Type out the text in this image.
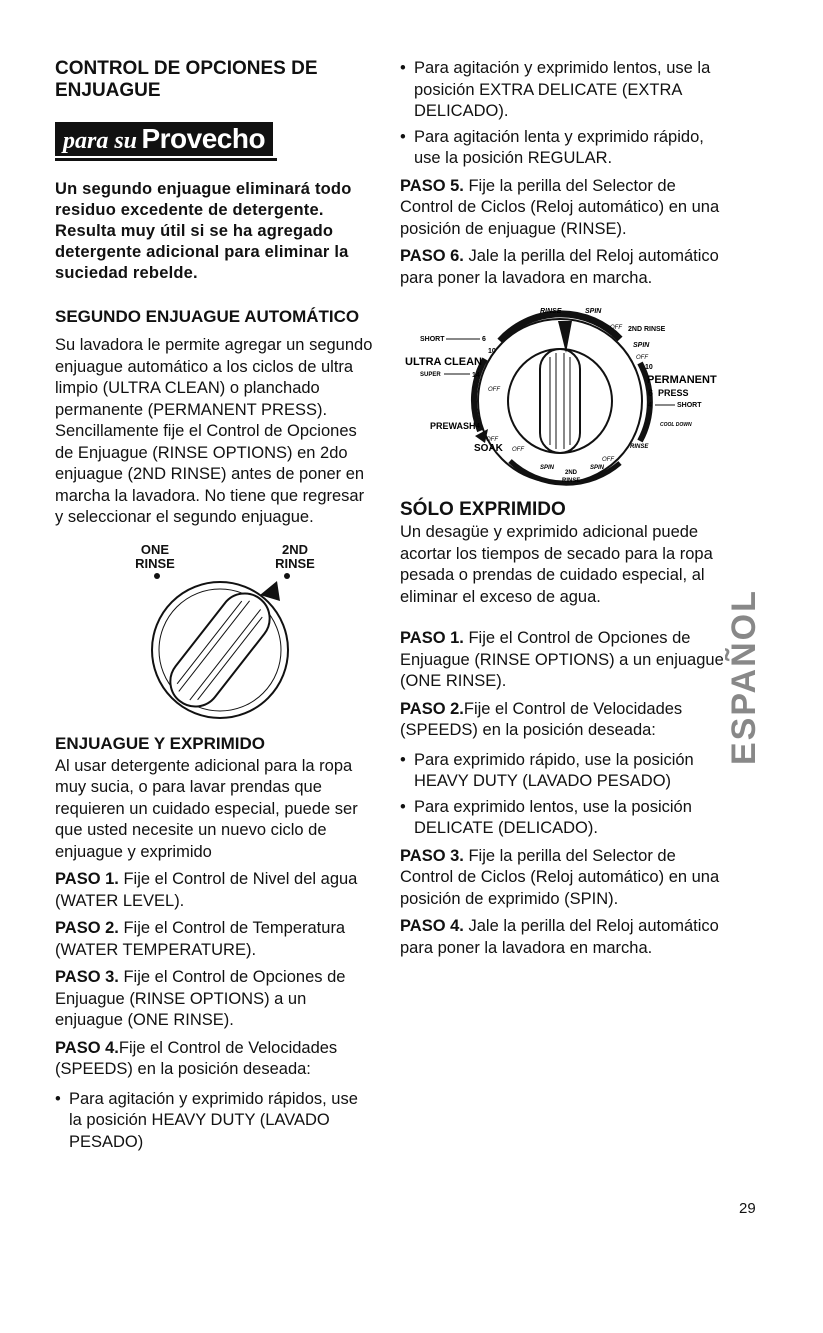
CONTROL DE OPCIONES DE ENJUAGUE
para su Provecho

Un segundo enjuague eliminará todo residuo excedente de detergente. Resulta muy útil si se ha agregado detergente adicional para eliminar la suciedad rebelde.

SEGUNDO ENJUAGUE AUTOMÁTICO

Su lavadora le permite agregar un segundo enjuague automático a los ciclos de ultra limpio (ULTRA CLEAN) o planchado permanente (PERMANENT PRESS). Sencillamente fije el Control de Opciones de Enjuague (RINSE OPTIONS) en 2do enjuague (2ND RINSE) antes de poner en marcha la lavadora. No tiene que regresar y seleccionar el segundo enjuague.

ONE
RINSE
2ND
RINSE
ENJUAGUE Y EXPRIMIDO

Al usar detergente adicional para la ropa muy sucia, o para lavar prendas que requieren un cuidado especial, puede ser que usted necesite un nuevo ciclo de enjuague y exprimido

PASO 1. Fije el Control de Nivel del agua (WATER LEVEL).

PASO 2. Fije el Control de Temperatura (WATER TEMPERATURE).

PASO 3. Fije el Control de Opciones de Enjuague (RINSE OPTIONS) a un enjuague (ONE RINSE).

PASO 4.Fije el Control de Velocidades (SPEEDS) en la posición deseada:

• Para agitación y exprimido rápidos, use la posición HEAVY DUTY (LAVADO PESADO)

• Para agitación y exprimido lentos, use la posición EXTRA DELICATE (EXTRA DELICADO).

• Para agitación lenta y exprimido rápido, use la posición REGULAR.

PASO 5. Fije la perilla del Selector de Control de Ciclos (Reloj automático) en una posición de enjuague (RINSE).

PASO 6. Jale la perilla del Reloj automático para poner la lavadora en marcha.

RINSE	SPIN
OFF 2ND RINSE
SPIN
SHORT	6
10
ULTRA CLEAN
SUPER	14
OFF
OFF
10
PERMANENT
6 PRESS
4	SHORT
COOL DOWN
PREWASH 4
OFF
SOAK OFF	RINSE
OFF
SPIN
2ND
RINSE
SPIN
SÓLO EXPRIMIDO

Un desagüe y exprimido adicional puede acortar los tiempos de secado para la ropa pesada o prendas de cuidado especial, al eliminar el exceso de agua.

PASO 1. Fije el Control de Opciones de Enjuague (RINSE OPTIONS) a un enjuague (ONE RINSE).

PASO 2.Fije el Control de Velocidades (SPEEDS) en la posición deseada:

• Para exprimido rápido, use la posición HEAVY DUTY (LAVADO PESADO)

• Para exprimido lentos, use la posición DELICATE (DELICADO).

PASO 3. Fije la perilla del Selector de Control de Ciclos (Reloj automático) en una posición de exprimido (SPIN).

PASO 4. Jale la perilla del Reloj automático para poner la lavadora en marcha.

ESPAÑOL
29
